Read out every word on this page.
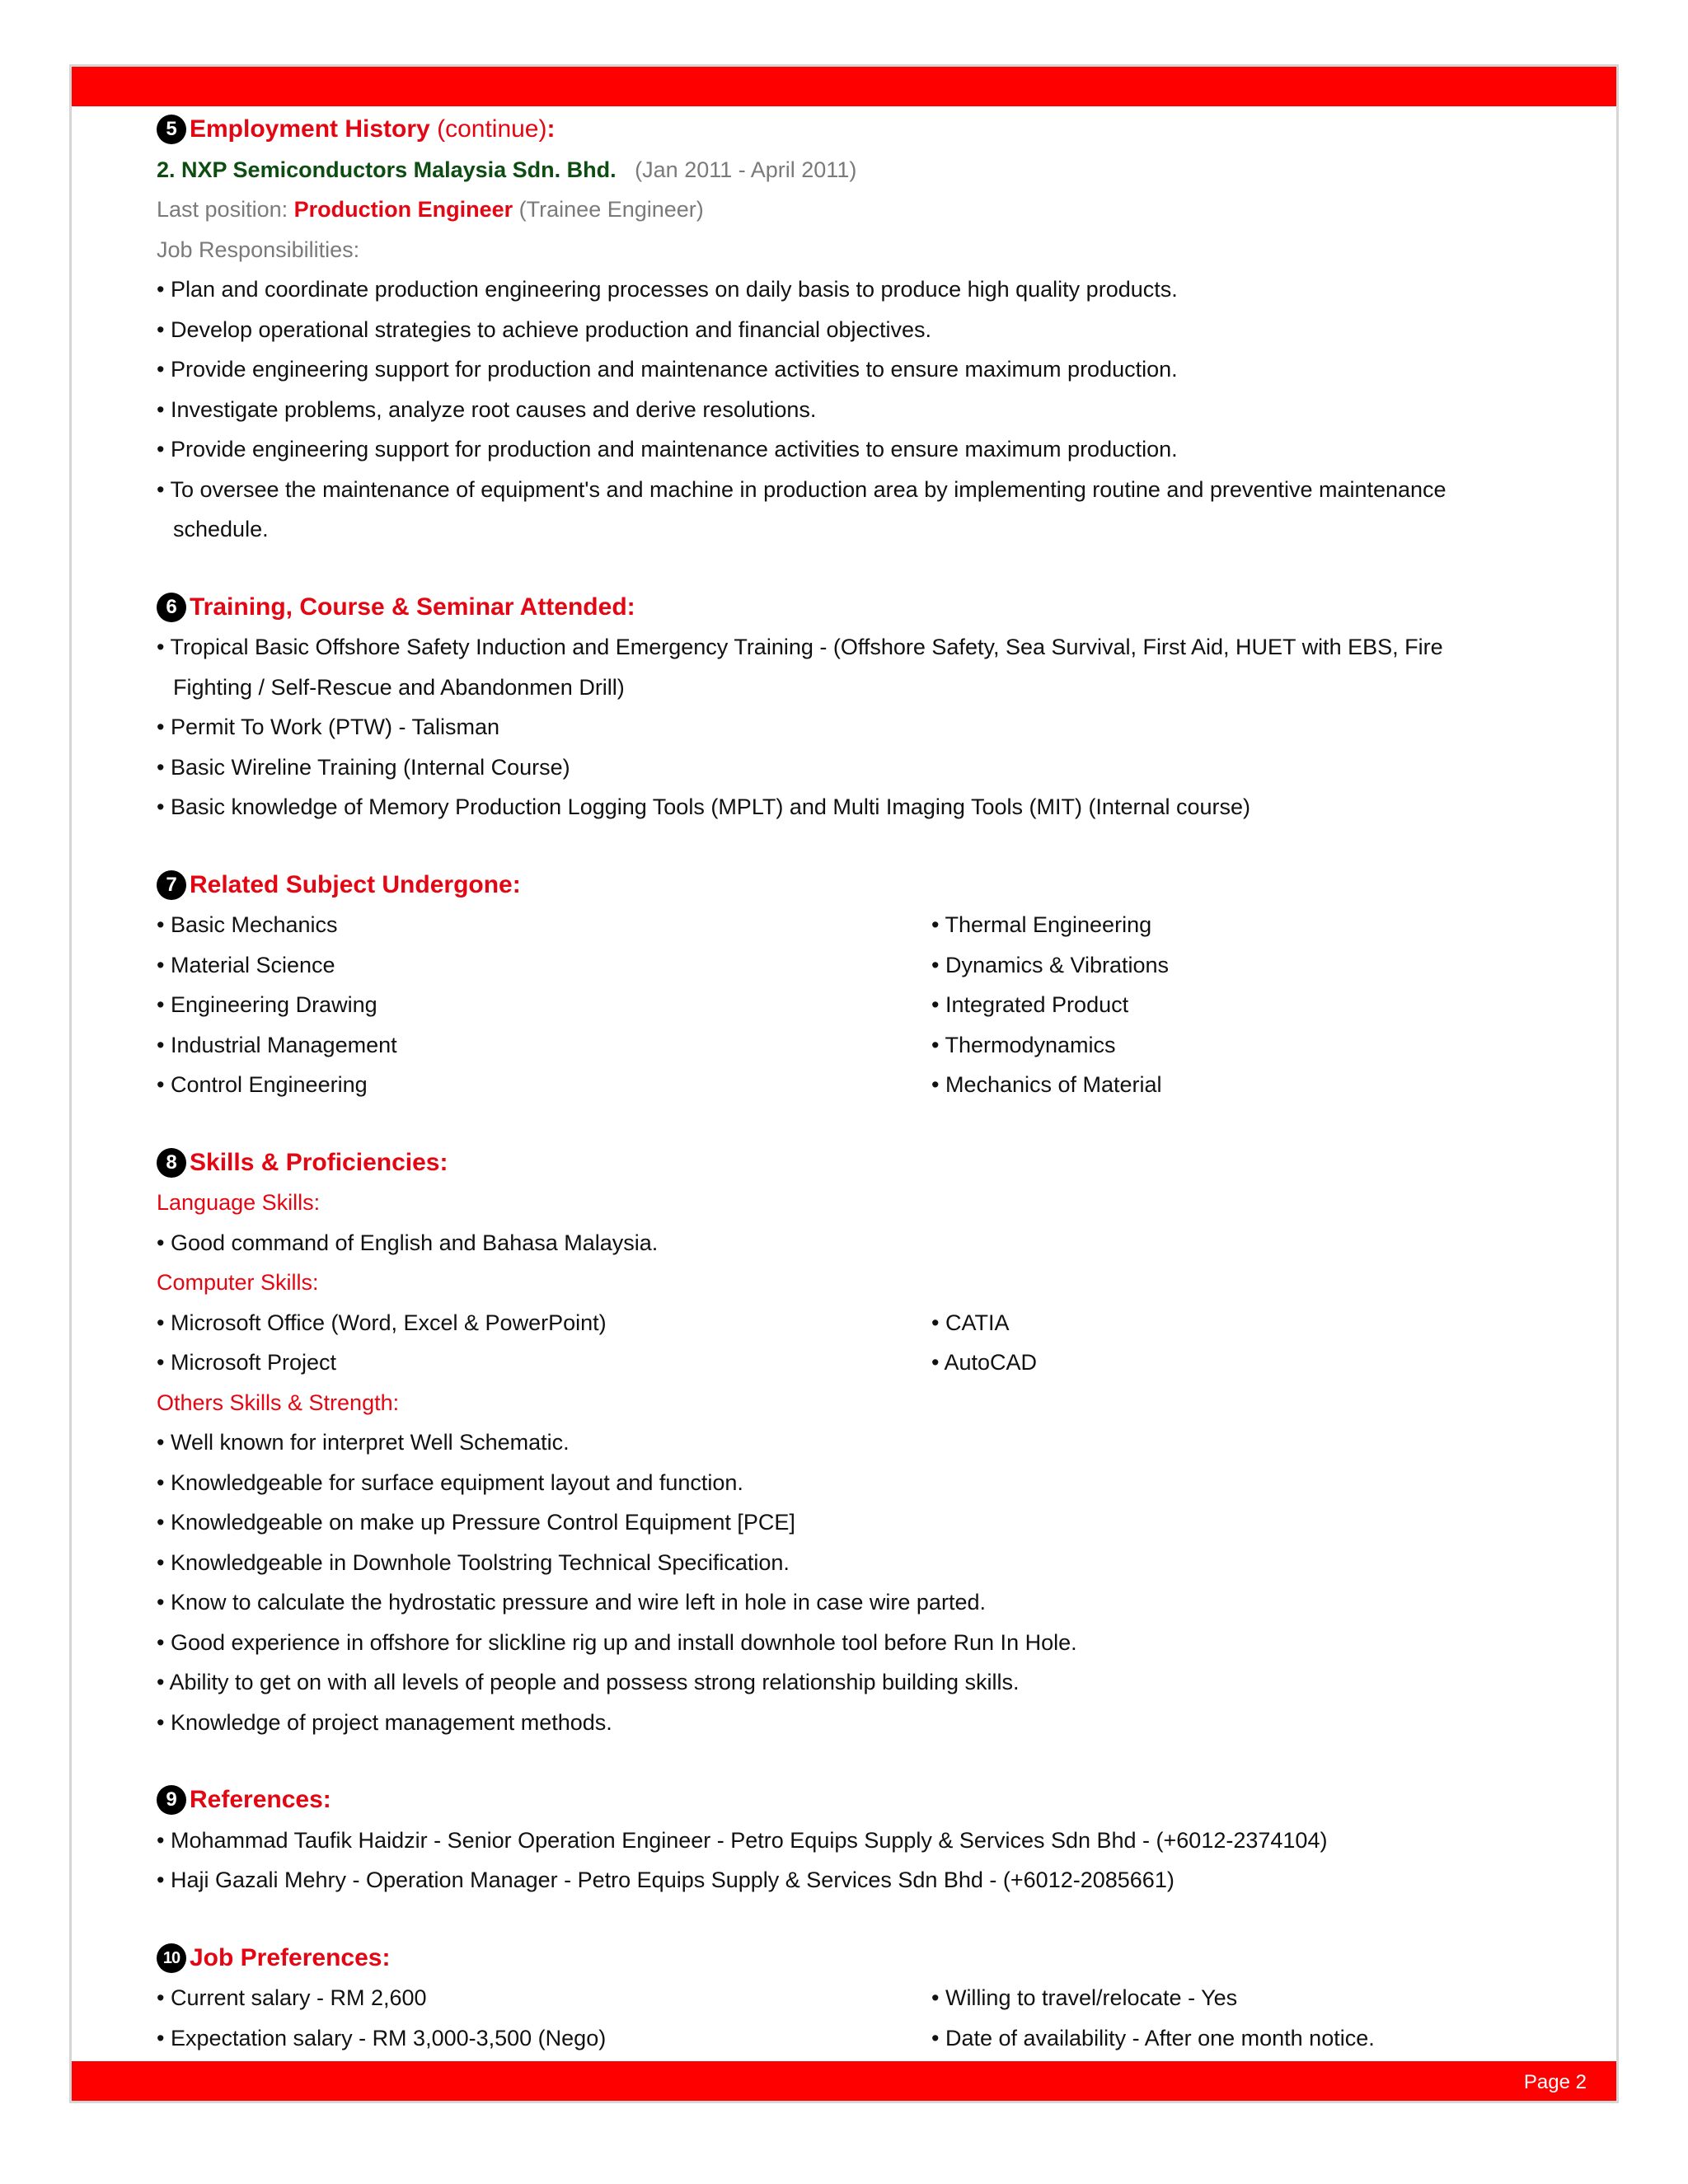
5 Employment History
(continue) :
2. NXP Semiconductors Malaysia Sdn. Bhd. (Jan 2011 - April 2011)
Last position: Production Engineer (Trainee Engineer)
Job Responsibilities:
• Plan and coordinate production engineering processes on daily basis to produce high quality products.
• Develop operational strategies to achieve production and financial objectives.
• Provide engineering support for production and maintenance activities to ensure maximum production.
• Investigate problems, analyze root causes and derive resolutions.
• Provide engineering support for production and maintenance activities to ensure maximum production.
• To oversee the maintenance of equipment's and machine in production area by implementing routine and preventive maintenance
schedule.
6 Training, Course & Seminar Attended:
• Tropical Basic Offshore Safety Induction and Emergency Training - (Offshore Safety, Sea Survival, First Aid, HUET with EBS, Fire
Fighting / Self-Rescue and Abandonmen Drill)
• Permit To Work (PTW) - Talisman
• Basic Wireline Training (Internal Course)
• Basic knowledge of Memory Production Logging Tools (MPLT) and Multi Imaging Tools (MIT) (Internal course)
7 Related Subject Undergone:
• Basic Mechanics
• Material Science
• Engineering Drawing
• Industrial Management
• Control Engineering
• Thermal Engineering
• Dynamics & Vibrations
• Integrated Product
• Thermodynamics
• Mechanics of Material
8 Skills & Proficiencies:
Language Skills:
• Good command of English and Bahasa Malaysia.
Computer Skills:
• Microsoft Office (Word, Excel & PowerPoint)
• Microsoft Project
• CATIA
• AutoCAD
Others Skills & Strength:
• Well known for interpret Well Schematic.
• Knowledgeable for surface equipment layout and function.
• Knowledgeable on make up Pressure Control Equipment [PCE]
• Knowledgeable in Downhole Toolstring Technical Specification.
• Know to calculate the hydrostatic pressure and wire left in hole in case wire parted.
• Good experience in offshore for slickline rig up and install downhole tool before Run In Hole.
• Ability to get on with all levels of people and possess strong relationship building skills.
• Knowledge of project management methods.
9 References:
• Mohammad Taufik Haidzir - Senior Operation Engineer - Petro Equips Supply & Services Sdn Bhd - (+6012-2374104)
• Haji Gazali Mehry - Operation Manager - Petro Equips Supply & Services Sdn Bhd - (+6012-2085661)
10 Job Preferences:
• Current salary - RM 2,600
• Expectation salary - RM 3,000-3,500 (Nego)
• Willing to travel/relocate - Yes
• Date of availability - After one month notice.
Page 2
